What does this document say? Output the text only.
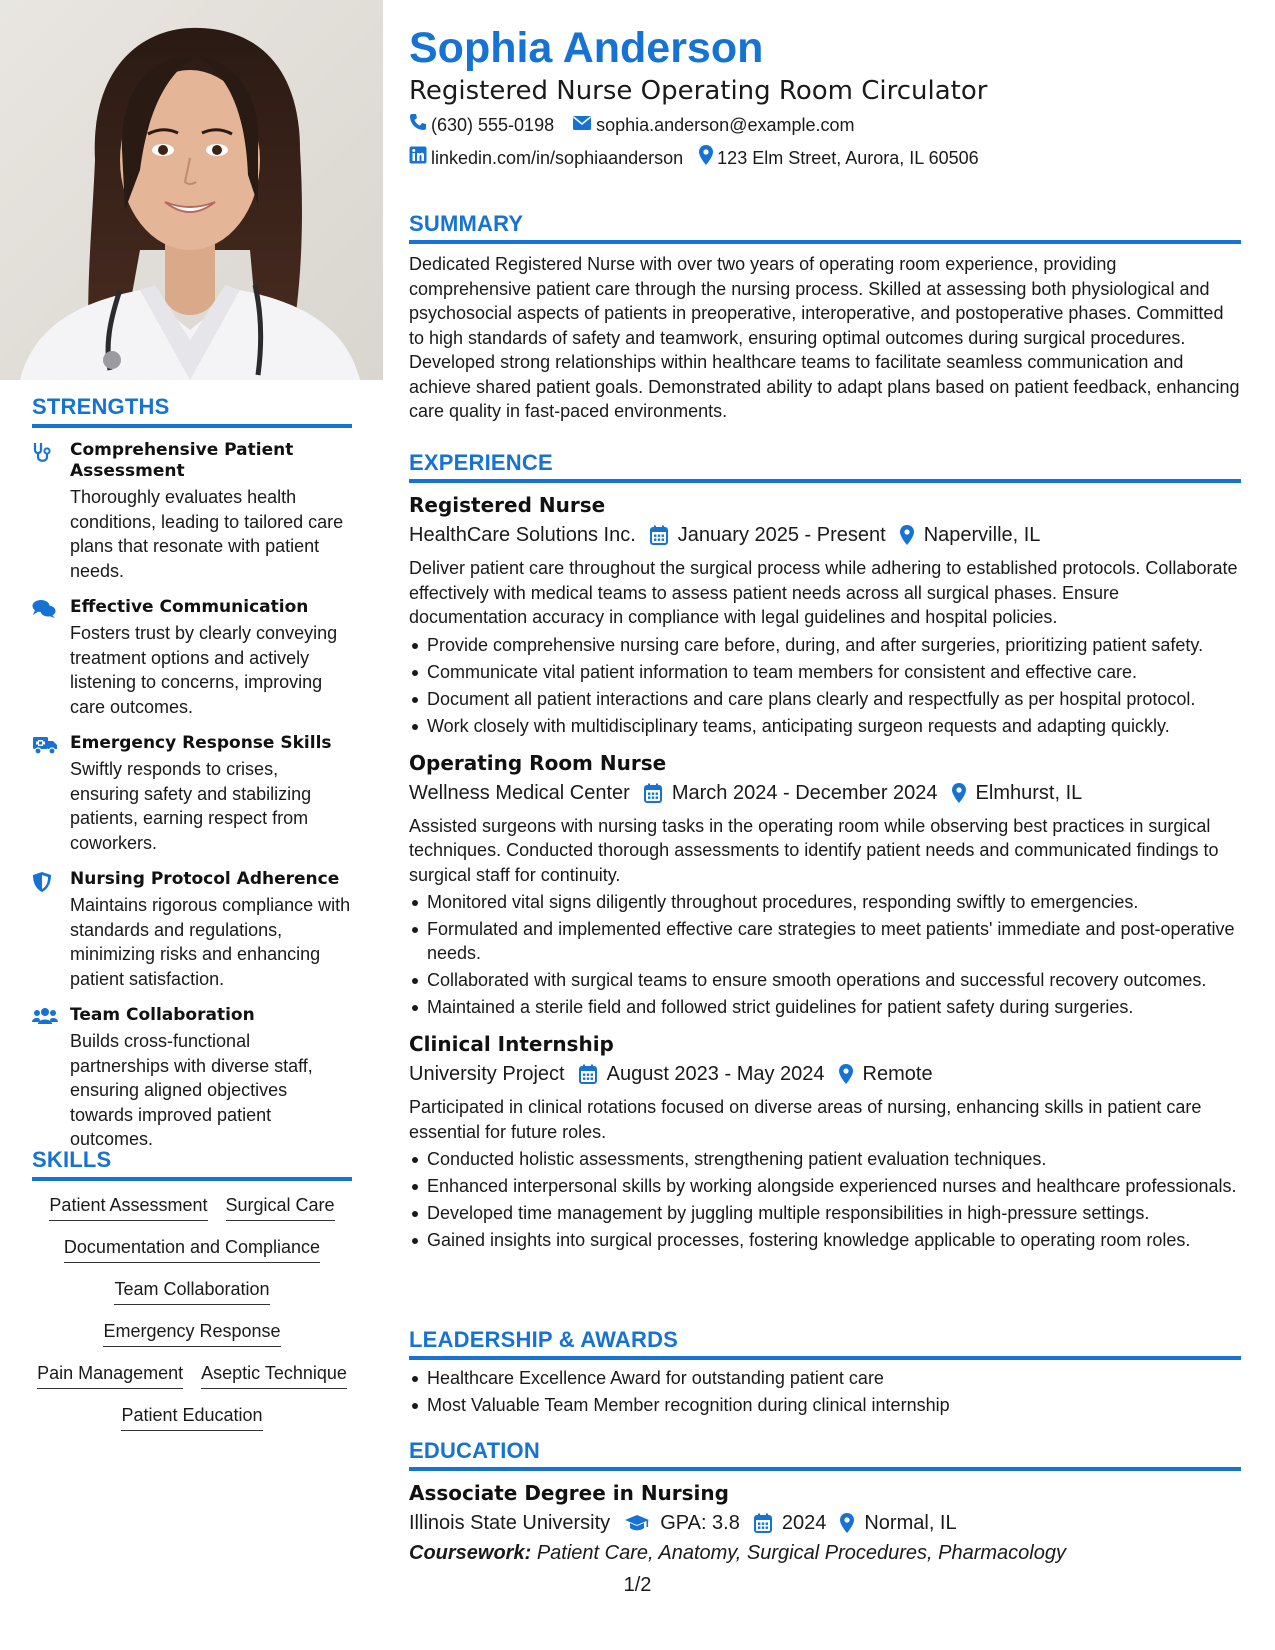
STRENGTHS
Comprehensive Patient Assessment
Thoroughly evaluates health conditions, leading to tailored care plans that resonate with patient needs.
Effective Communication
Fosters trust by clearly conveying treatment options and actively listening to concerns, improving care outcomes.
Emergency Response Skills
Swiftly responds to crises, ensuring safety and stabilizing patients, earning respect from coworkers.
Nursing Protocol Adherence
Maintains rigorous compliance with standards and regulations, minimizing risks and enhancing patient satisfaction.
Team Collaboration
Builds cross-functional partnerships with diverse staff, ensuring aligned objectives towards improved patient outcomes.
SKILLS
Patient Assessment Surgical Care
Documentation and Compliance
Team Collaboration
Emergency Response
Pain Management Aseptic Technique
Patient Education
Sophia Anderson
Registered Nurse Operating Room Circulator
(630) 555-0198 sophia.anderson@example.com
linkedin.com/in/sophiaanderson 123 Elm Street, Aurora, IL 60506
SUMMARY
Dedicated Registered Nurse with over two years of operating room experience, providing comprehensive patient care through the nursing process. Skilled at assessing both physiological and psychosocial aspects of patients in preoperative, interoperative, and postoperative phases. Committed to high standards of safety and teamwork, ensuring optimal outcomes during surgical procedures. Developed strong relationships within healthcare teams to facilitate seamless communication and achieve shared patient goals. Demonstrated ability to adapt plans based on patient feedback, enhancing care quality in fast-paced environments.
EXPERIENCE
Registered Nurse
HealthCare Solutions Inc. January 2025 - Present Naperville, IL
Deliver patient care throughout the surgical process while adhering to established protocols. Collaborate effectively with medical teams to assess patient needs across all surgical phases. Ensure documentation accuracy in compliance with legal guidelines and hospital policies.
Provide comprehensive nursing care before, during, and after surgeries, prioritizing patient safety.
Communicate vital patient information to team members for consistent and effective care.
Document all patient interactions and care plans clearly and respectfully as per hospital protocol.
Work closely with multidisciplinary teams, anticipating surgeon requests and adapting quickly.
Operating Room Nurse
Wellness Medical Center March 2024 - December 2024 Elmhurst, IL
Assisted surgeons with nursing tasks in the operating room while observing best practices in surgical techniques. Conducted thorough assessments to identify patient needs and communicated findings to surgical staff for continuity.
Monitored vital signs diligently throughout procedures, responding swiftly to emergencies.
Formulated and implemented effective care strategies to meet patients' immediate and post-operative needs.
Collaborated with surgical teams to ensure smooth operations and successful recovery outcomes.
Maintained a sterile field and followed strict guidelines for patient safety during surgeries.
Clinical Internship
University Project August 2023 - May 2024 Remote
Participated in clinical rotations focused on diverse areas of nursing, enhancing skills in patient care essential for future roles.
Conducted holistic assessments, strengthening patient evaluation techniques.
Enhanced interpersonal skills by working alongside experienced nurses and healthcare professionals.
Developed time management by juggling multiple responsibilities in high-pressure settings.
Gained insights into surgical processes, fostering knowledge applicable to operating room roles.
LEADERSHIP & AWARDS
Healthcare Excellence Award for outstanding patient care
Most Valuable Team Member recognition during clinical internship
EDUCATION
Associate Degree in Nursing
Illinois State University	GPA: 3.8 2024 Normal, IL
Coursework: Patient Care, Anatomy, Surgical Procedures, Pharmacology
1/2
